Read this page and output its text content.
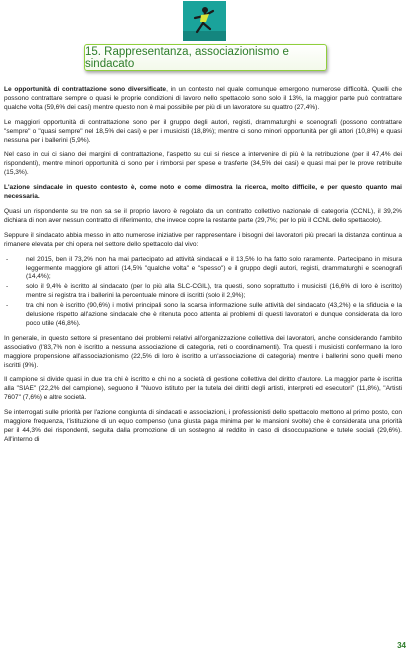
15. Rappresentanza, associazionismo e sindacato

Le opportunità di contrattazione sono diversificate, in un contesto nel quale comunque emergono numerose difficoltà. Quelli che possono contrattare sempre o quasi le proprie condizioni di lavoro nello spettacolo sono solo il 13%, la maggior parte può contrattare qualche volta (59,6% dei casi) mentre questo non è mai possibile per più di un lavoratore su quattro (27,4%).

Le maggiori opportunità di contrattazione sono per il gruppo degli autori, registi, drammaturghi e scenografi (possono contrattare "sempre" o "quasi sempre" nel 18,5% dei casi) e per i musicisti (18,8%); mentre ci sono minori opportunità per gli attori (10,8%) e quasi nessuna per i ballerini (5,9%).

Nel caso in cui ci siano dei margini di contrattazione, l'aspetto su cui si riesce a intervenire di più è la retribuzione (per il 47,4% dei rispondenti), mentre minori opportunità ci sono per i rimborsi per spese e trasferte (34,5% dei casi) e quasi mai per le prove retribuite (15,3%).

L'azione sindacale in questo contesto è, come noto e come dimostra la ricerca, molto difficile, e per questo quanto mai necessaria.

Quasi un rispondente su tre non sa se il proprio lavoro è regolato da un contratto collettivo nazionale di categoria (CCNL), il 39,2% dichiara di non aver nessun contratto di riferimento, che invece copre la restante parte (29,7%; per lo più il CCNL dello spettacolo).

Seppure il sindacato abbia messo in atto numerose iniziative per rappresentare i bisogni dei lavoratori più precari la distanza continua a rimanere elevata per chi opera nel settore dello spettacolo dal vivo:

- nel 2015, ben il 73,2% non ha mai partecipato ad attività sindacali e il 13,5% lo ha fatto solo raramente. Partecipano in misura leggermente maggiore gli attori (14,5% "qualche volta" e "spesso") e il gruppo degli autori, registi, drammaturghi e scenografi (14,4%);
- solo il 9,4% è iscritto al sindacato (per lo più alla SLC-CGIL), tra questi, sono soprattutto i musicisti (16,6% di loro è iscritto) mentre si registra tra i ballerini la percentuale minore di iscritti (solo il 2,9%);
- tra chi non è iscritto (90,6%) i motivi principali sono la scarsa informazione sulle attività del sindacato (43,2%) e la sfiducia e la delusione rispetto all'azione sindacale che è ritenuta poco attenta ai problemi di questi lavoratori e dunque considerata da loro poco utile (46,8%).

In generale, in questo settore si presentano dei problemi relativi all'organizzazione collettiva dei lavoratori, anche considerando l'ambito associativo (l'83,7% non è iscritto a nessuna associazione di categoria, reti o coordinamenti). Tra questi i musicisti confermano la loro maggiore propensione all'associazionismo (22,5% di loro è iscritto a un'associazione di categoria) mentre i ballerini sono quelli meno iscritti (9%).

Il campione si divide quasi in due tra chi è iscritto e chi no a società di gestione collettiva del diritto d'autore. La maggior parte è iscritta alla "SIAE" (22,2% del campione), seguono il "Nuovo istituto per la tutela dei diritti degli artisti, interpreti ed esecutori" (11,8%), "Artisti 7607" (7,6%) e altre società.

Se interrogati sulle priorità per l'azione congiunta di sindacati e associazioni, i professionisti dello spettacolo mettono al primo posto, con maggiore frequenza, l'istituzione di un equo compenso (una giusta paga minima per le mansioni svolte) che è considerata una priorità per il 44,3% dei rispondenti, seguita dalla promozione di un sostegno al reddito in caso di disoccupazione e tutele sociali (29,6%). All'interno di

34
